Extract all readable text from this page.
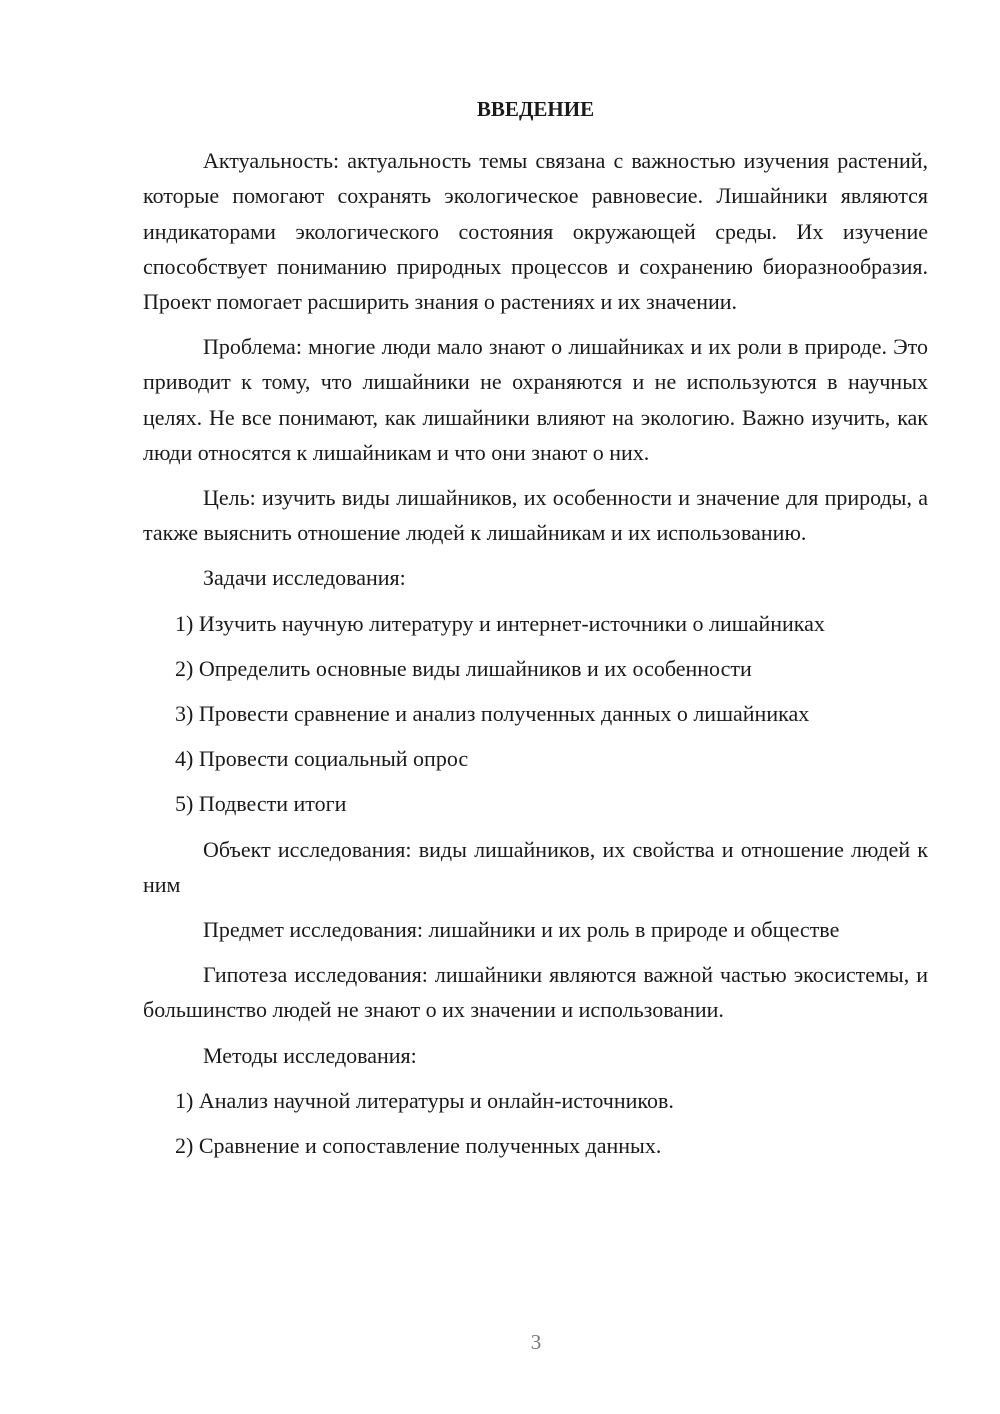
ВВЕДЕНИЕ

Актуальность: актуальность темы связана с важностью изучения растений, которые помогают сохранять экологическое равновесие. Лишайники являются индикаторами экологического состояния окружающей среды. Их изучение способствует пониманию природных процессов и сохранению биоразнообразия. Проект помогает расширить знания о растениях и их значении.

Проблема: многие люди мало знают о лишайниках и их роли в природе. Это приводит к тому, что лишайники не охраняются и не используются в научных целях. Не все понимают, как лишайники влияют на экологию. Важно изучить, как люди относятся к лишайникам и что они знают о них.

Цель: изучить виды лишайников, их особенности и значение для природы, а также выяснить отношение людей к лишайникам и их использованию.

Задачи исследования:

1) Изучить научную литературу и интернет-источники о лишайниках

2) Определить основные виды лишайников и их особенности

3) Провести сравнение и анализ полученных данных о лишайниках

4) Провести социальный опрос

5) Подвести итоги

Объект исследования: виды лишайников, их свойства и отношение людей к ним

Предмет исследования: лишайники и их роль в природе и обществе

Гипотеза исследования: лишайники являются важной частью экосистемы, и большинство людей не знают о их значении и использовании.

Методы исследования:

1) Анализ научной литературы и онлайн-источников.

2) Сравнение и сопоставление полученных данных.

3
